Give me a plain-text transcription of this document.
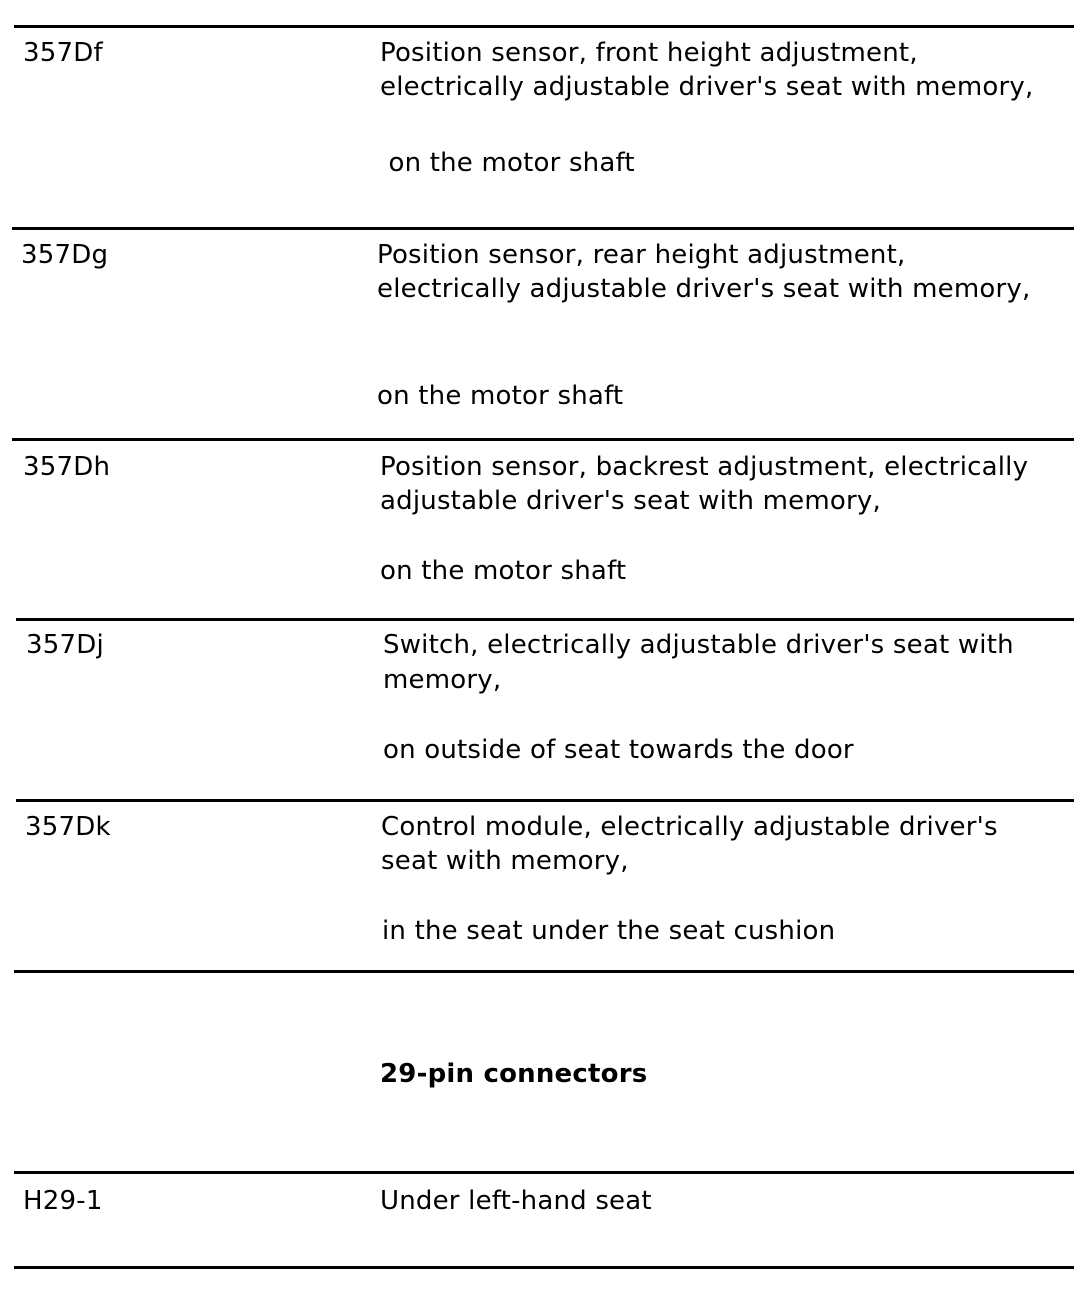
357Df	Position sensor, front height adjustment,
electrically adjustable driver's seat with memory,
on the motor shaft
357Dg	Position sensor, rear height adjustment,
electrically adjustable driver's seat with memory,
on the motor shaft
357Dh	Position sensor, backrest adjustment, electrically
adjustable driver's seat with memory,
on the motor shaft
357Dj	Switch, electrically adjustable driver's seat with
memory,
on outside of seat towards the door
357Dk	Control module, electrically adjustable driver's
seat with memory,
in the seat under the seat cushion
29-pin connectors
H29-1	Under left-hand seat
